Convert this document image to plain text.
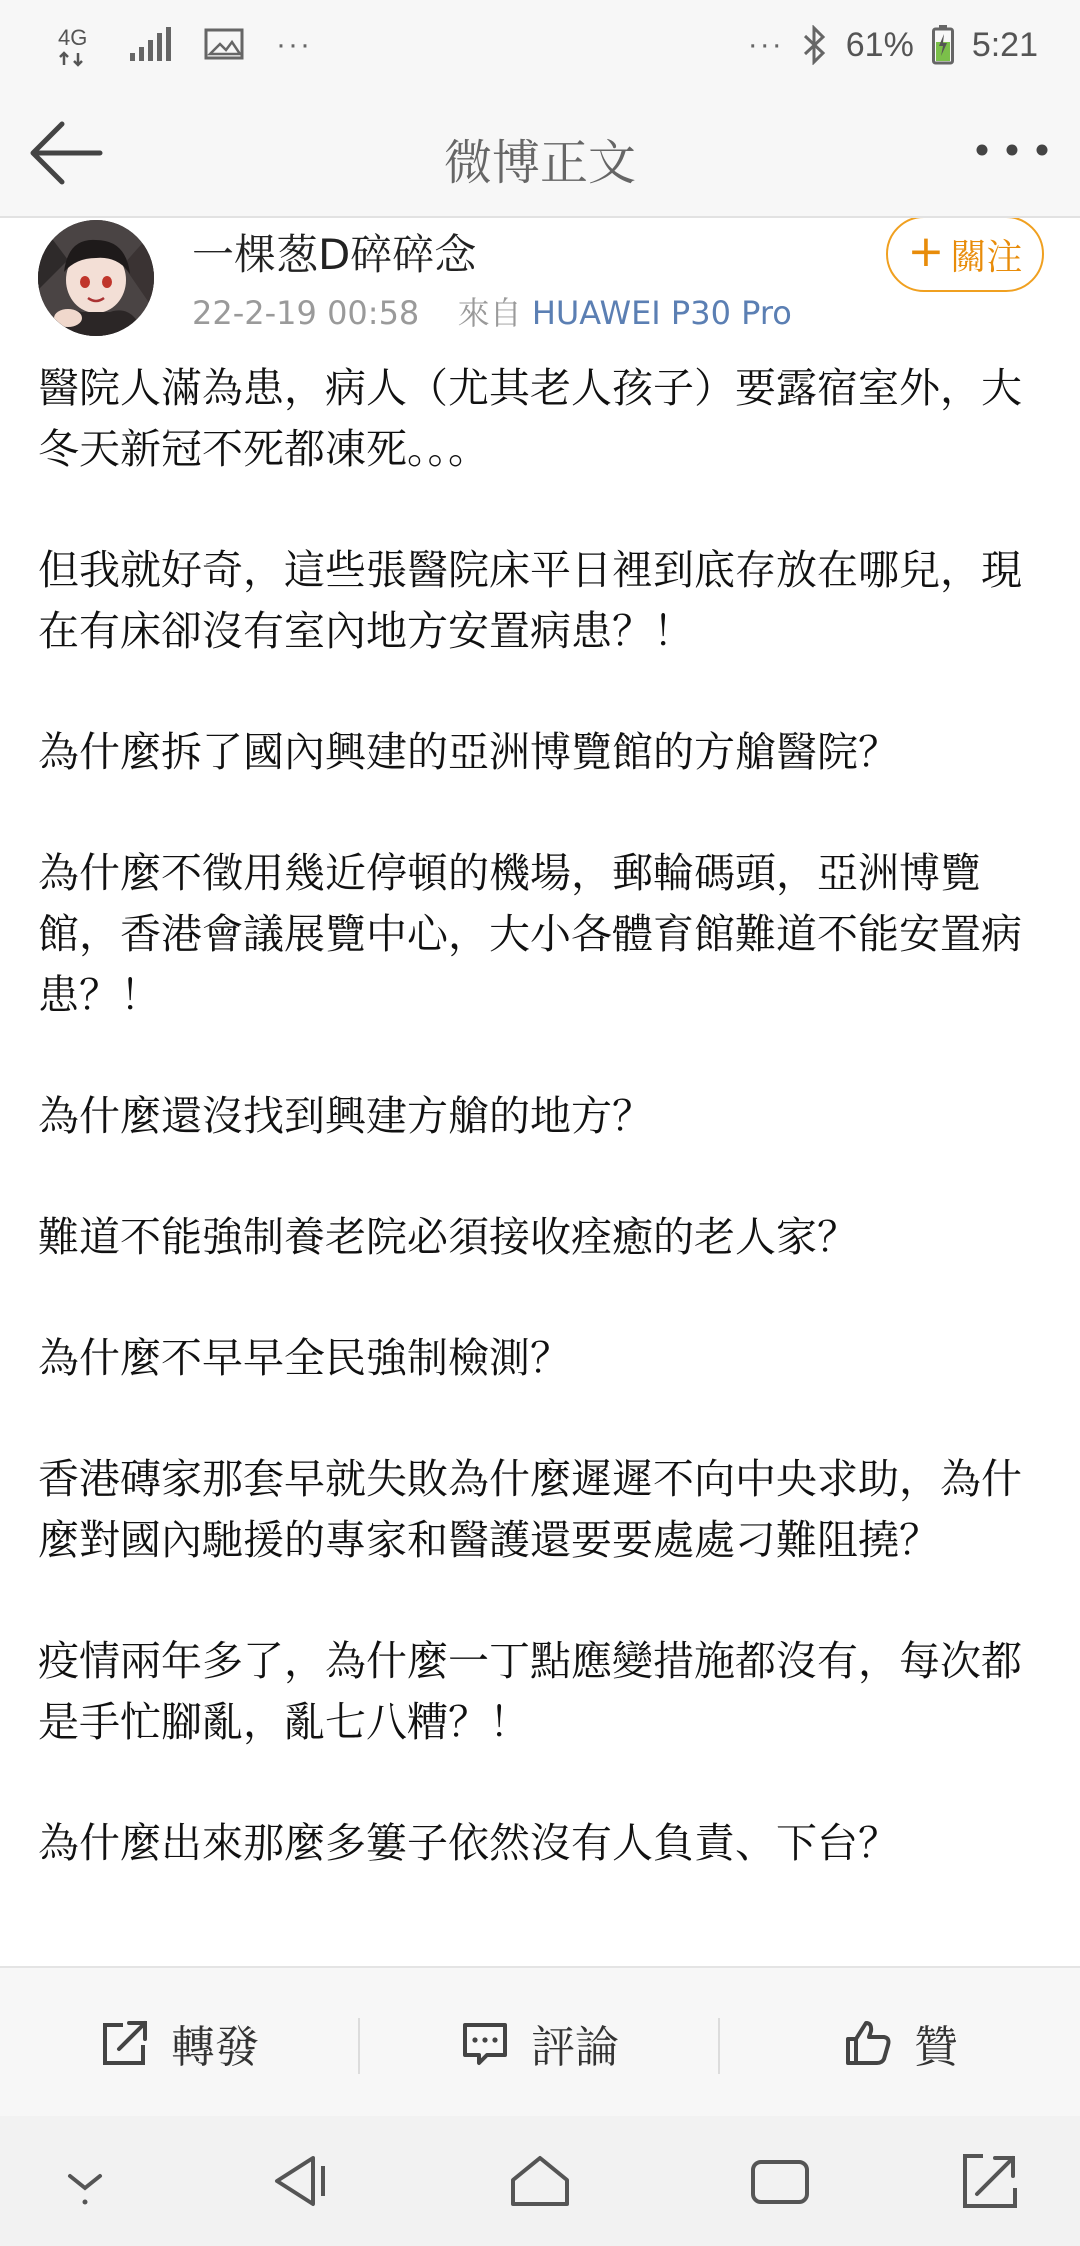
4G	···	··· 61% 5:21
微博正文
一棵葱D碎碎念
22-2-19 00:58 來自 HUAWEI P30 Pro
+ 關注

醫院人滿為患，病人（尤其老人孩子）要露宿室外，大冬天新冠不死都凍死。。。

但我就好奇，這些張醫院床平日裡到底存放在哪兒，現在有床卻沒有室內地方安置病患？！

為什麼拆了國內興建的亞洲博覽館的方艙醫院？

為什麼不徵用幾近停頓的機場，郵輪碼頭，亞洲博覽館，香港會議展覽中心，大小各體育館難道不能安置病患？！

為什麼還沒找到興建方艙的地方？

難道不能強制養老院必須接收痊癒的老人家？

為什麼不早早全民強制檢測？

香港磚家那套早就失敗為什麼遲遲不向中央求助，為什麼對國內馳援的專家和醫護還要要處處刁難阻撓？

疫情兩年多了，為什麼一丁點應變措施都沒有，每次都是手忙腳亂，亂七八糟？！

為什麼出來那麼多簍子依然沒有人負責、下台？

轉發	評論	贊
